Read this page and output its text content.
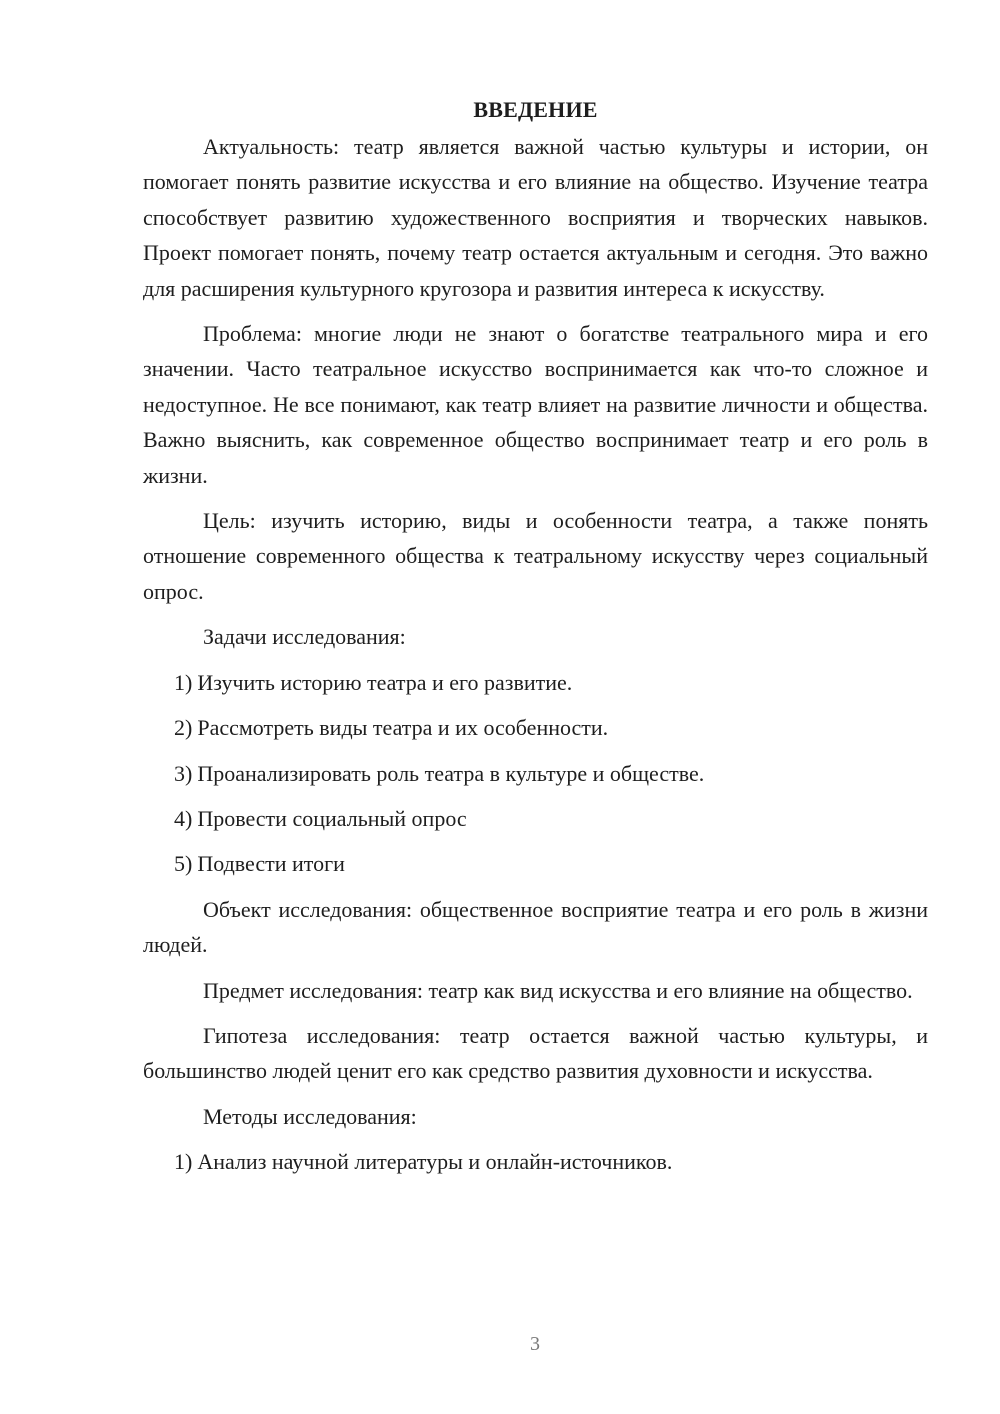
ВВЕДЕНИЕ

Актуальность: театр является важной частью культуры и истории, он помогает понять развитие искусства и его влияние на общество. Изучение театра способствует развитию художественного восприятия и творческих навыков. Проект помогает понять, почему театр остается актуальным и сегодня. Это важно для расширения культурного кругозора и развития интереса к искусству.

Проблема: многие люди не знают о богатстве театрального мира и его значении. Часто театральное искусство воспринимается как что-то сложное и недоступное. Не все понимают, как театр влияет на развитие личности и общества. Важно выяснить, как современное общество воспринимает театр и его роль в жизни.

Цель: изучить историю, виды и особенности театра, а также понять отношение современного общества к театральному искусству через социальный опрос.

Задачи исследования:

1) Изучить историю театра и его развитие.
2) Рассмотреть виды театра и их особенности.
3) Проанализировать роль театра в культуре и обществе.
4) Провести социальный опрос
5) Подвести итоги

Объект исследования: общественное восприятие театра и его роль в жизни людей.

Предмет исследования: театр как вид искусства и его влияние на общество.

Гипотеза исследования: театр остается важной частью культуры, и большинство людей ценит его как средство развития духовности и искусства.

Методы исследования:

1) Анализ научной литературы и онлайн-источников.
3
